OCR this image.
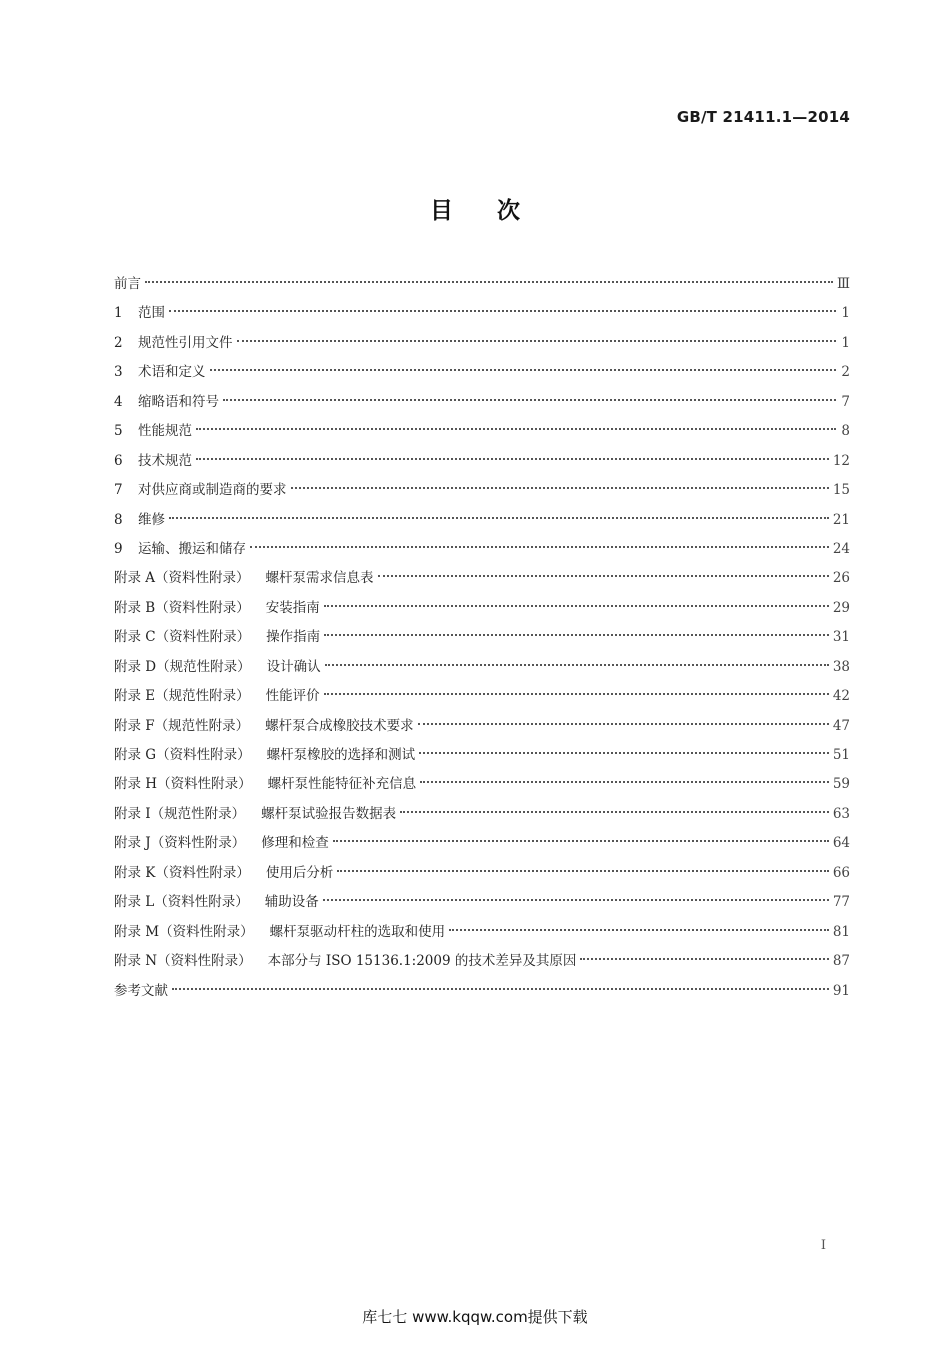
GB/T 21411.1—2014
目次
前言	Ⅲ
1	范围	1
2	规范性引用文件	1
3	术语和定义	2
4	缩略语和符号	7
5	性能规范	8
6	技术规范	12
7	对供应商或制造商的要求	15
8	维修	21
9	运输、搬运和储存	24
附录 A（资料性附录） 螺杆泵需求信息表	26
附录 B（资料性附录） 安装指南	29
附录 C（资料性附录） 操作指南	31
附录 D（规范性附录） 设计确认	38
附录 E（规范性附录） 性能评价	42
附录 F（规范性附录） 螺杆泵合成橡胶技术要求	47
附录 G（资料性附录） 螺杆泵橡胶的选择和测试	51
附录 H（资料性附录） 螺杆泵性能特征补充信息	59
附录 I（规范性附录） 螺杆泵试验报告数据表	63
附录 J（资料性附录） 修理和检查	64
附录 K（资料性附录） 使用后分析	66
附录 L（资料性附录） 辅助设备	77
附录 M（资料性附录） 螺杆泵驱动杆柱的选取和使用	81
附录 N（资料性附录） 本部分与 ISO 15136.1:2009 的技术差异及其原因	87
参考文献	91
I
库七七 www.kqqw.com提供下载
